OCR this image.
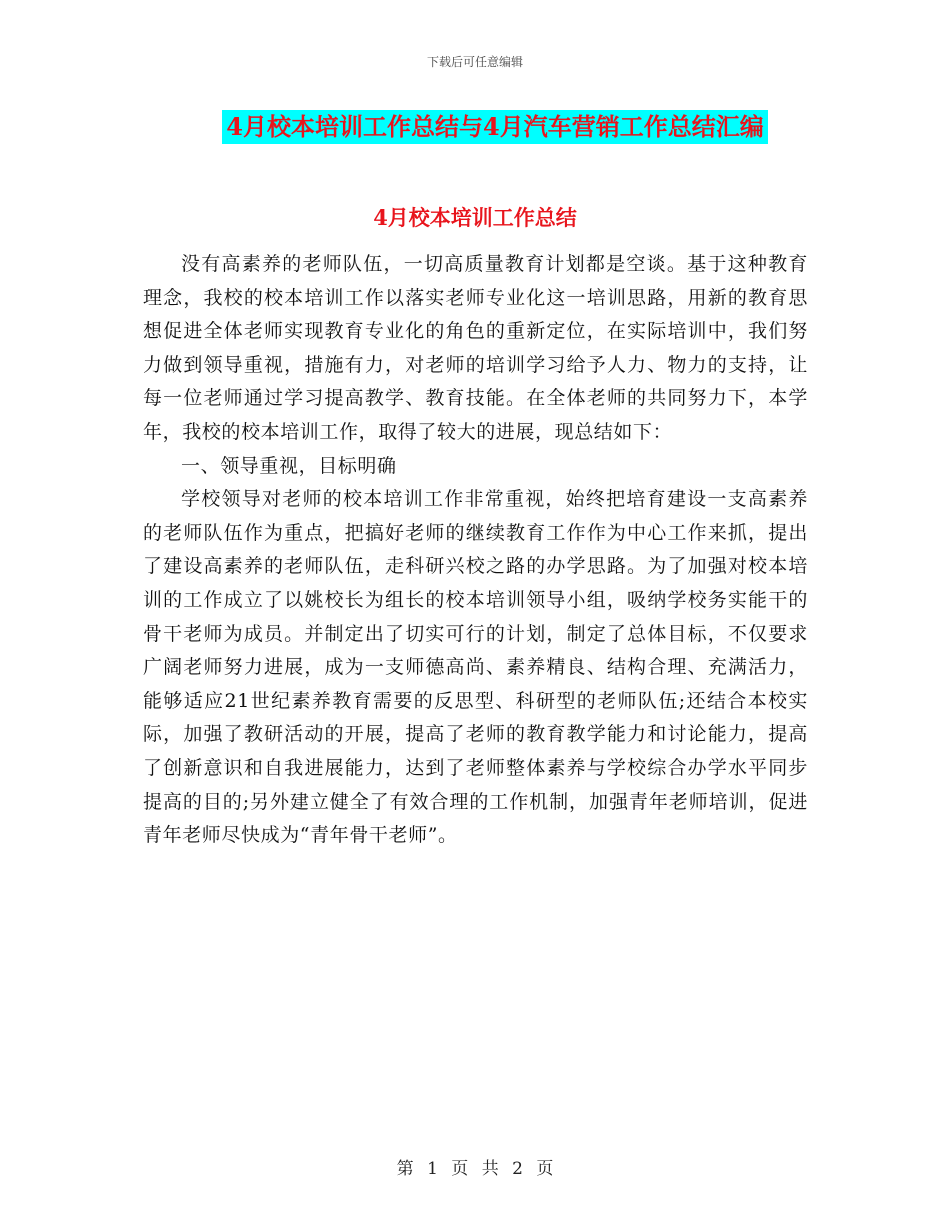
下载后可任意编辑
4月校本培训工作总结与4月汽车营销工作总结汇编
4月校本培训工作总结

没有高素养的老师队伍，一切高质量教育计划都是空谈。基于这种教育理念，我校的校本培训工作以落实老师专业化这一培训思路，用新的教育思想促进全体老师实现教育专业化的角色的重新定位，在实际培训中，我们努力做到领导重视，措施有力，对老师的培训学习给予人力、物力的支持，让每一位老师通过学习提高教学、教育技能。在全体老师的共同努力下，本学年，我校的校本培训工作，取得了较大的进展，现总结如下：

一、领导重视，目标明确

学校领导对老师的校本培训工作非常重视，始终把培育建设一支高素养的老师队伍作为重点，把搞好老师的继续教育工作作为中心工作来抓，提出了建设高素养的老师队伍，走科研兴校之路的办学思路。为了加强对校本培训的工作成立了以姚校长为组长的校本培训领导小组，吸纳学校务实能干的骨干老师为成员。并制定出了切实可行的计划，制定了总体目标，不仅要求广阔老师努力进展，成为一支师德高尚、素养精良、结构合理、充满活力，能够适应21世纪素养教育需要的反思型、科研型的老师队伍;还结合本校实际，加强了教研活动的开展，提高了老师的教育教学能力和讨论能力，提高了创新意识和自我进展能力，达到了老师整体素养与学校综合办学水平同步提高的目的;另外建立健全了有效合理的工作机制，加强青年老师培训，促进青年老师尽快成为“青年骨干老师”。

第 1 页 共 2 页
